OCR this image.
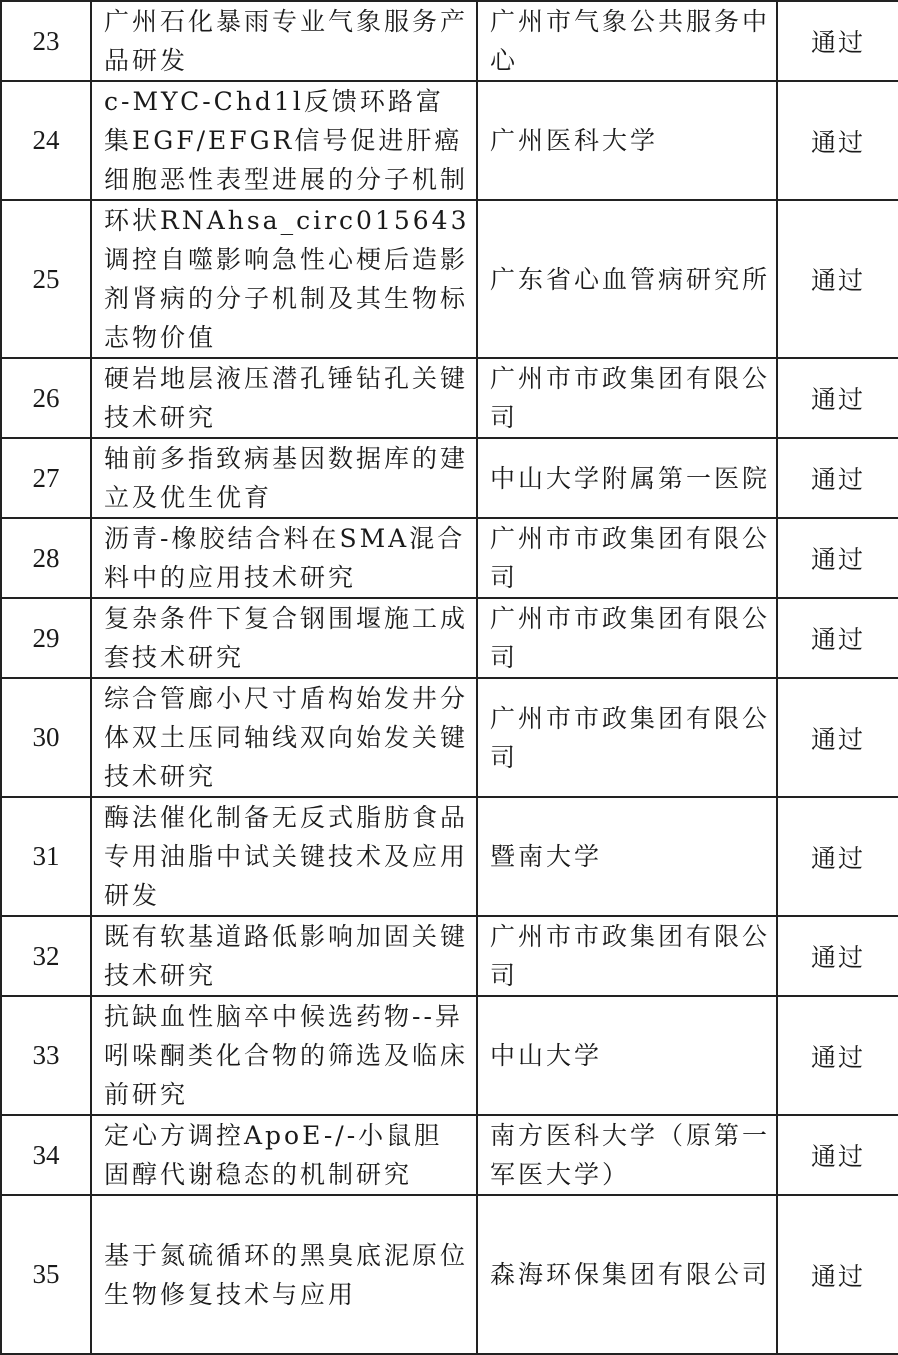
23	广州石化暴雨专业气象服务产品研发	广州市气象公共服务中心	通过
24	c-MYC-Chd1l反馈环路富集EGF/EFGR信号促进肝癌细胞恶性表型进展的分子机制	广州医科大学	通过
25	环状RNAhsa_circ015643调控自噬影响急性心梗后造影剂肾病的分子机制及其生物标志物价值	广东省心血管病研究所	通过
26	硬岩地层液压潜孔锤钻孔关键技术研究	广州市市政集团有限公司	通过
27	轴前多指致病基因数据库的建立及优生优育	中山大学附属第一医院	通过
28	沥青-橡胶结合料在SMA混合料中的应用技术研究	广州市市政集团有限公司	通过
29	复杂条件下复合钢围堰施工成套技术研究	广州市市政集团有限公司	通过
30	综合管廊小尺寸盾构始发井分体双土压同轴线双向始发关键技术研究	广州市市政集团有限公司	通过
31	酶法催化制备无反式脂肪食品专用油脂中试关键技术及应用研发	暨南大学	通过
32	既有软基道路低影响加固关键技术研究	广州市市政集团有限公司	通过
33	抗缺血性脑卒中候选药物--异吲哚酮类化合物的筛选及临床前研究	中山大学	通过
34	定心方调控ApoE-/-小鼠胆固醇代谢稳态的机制研究	南方医科大学（原第一军医大学）	通过
35	基于氮硫循环的黑臭底泥原位生物修复技术与应用	森海环保集团有限公司	通过
